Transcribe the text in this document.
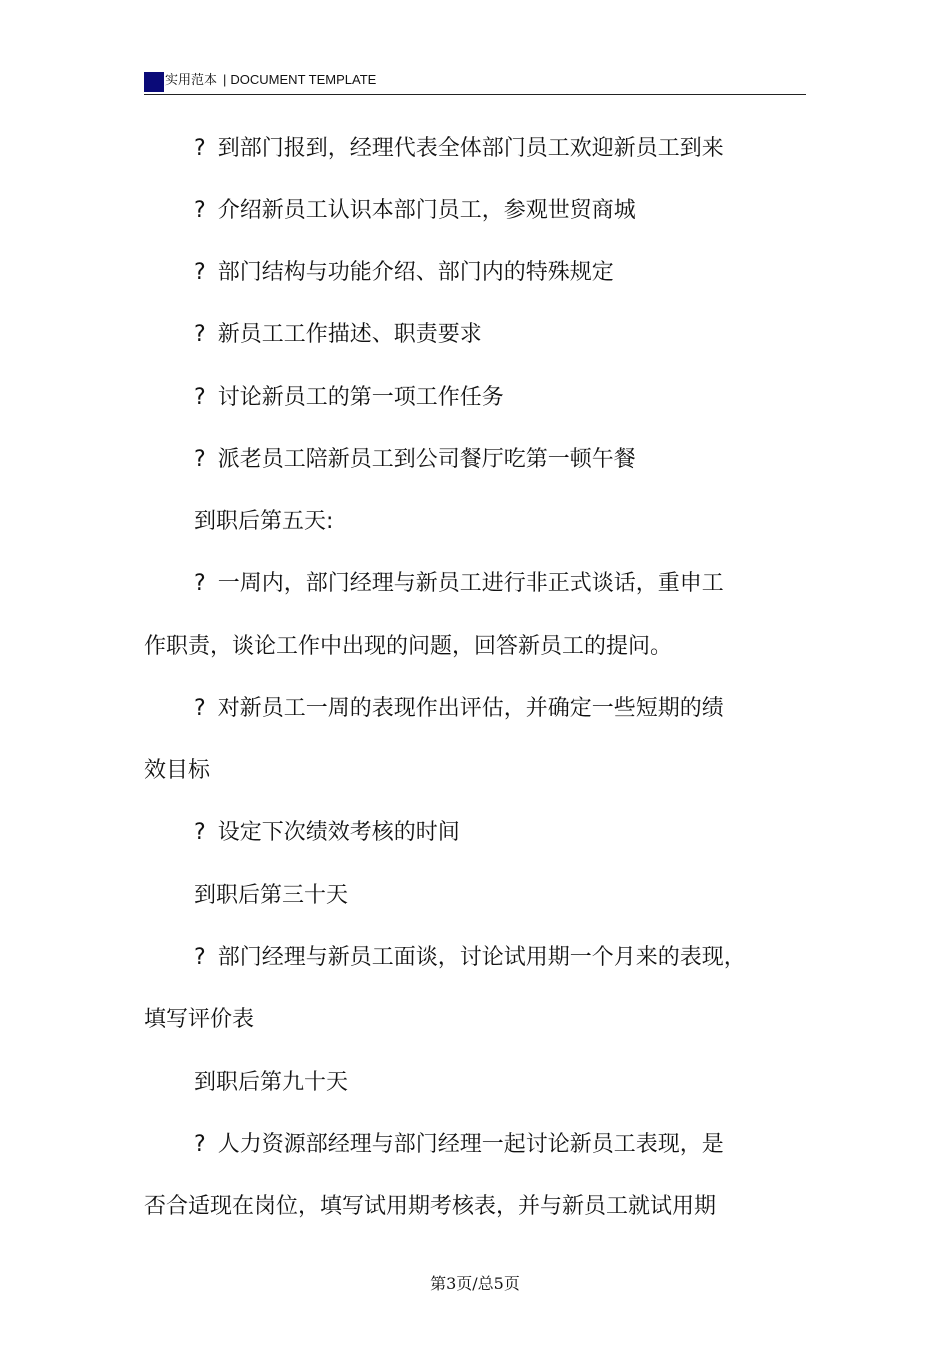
实用范本 | DOCUMENT TEMPLATE
? 到部门报到，经理代表全体部门员工欢迎新员工到来
? 介绍新员工认识本部门员工，参观世贸商城
? 部门结构与功能介绍、部门内的特殊规定
? 新员工工作描述、职责要求
? 讨论新员工的第一项工作任务
? 派老员工陪新员工到公司餐厅吃第一顿午餐
到职后第五天:
? 一周内，部门经理与新员工进行非正式谈话，重申工
作职责，谈论工作中出现的问题，回答新员工的提问。
? 对新员工一周的表现作出评估，并确定一些短期的绩
效目标
? 设定下次绩效考核的时间
到职后第三十天
? 部门经理与新员工面谈，讨论试用期一个月来的表现，
填写评价表
到职后第九十天
? 人力资源部经理与部门经理一起讨论新员工表现，是
否合适现在岗位，填写试用期考核表，并与新员工就试用期
第3页/总5页
